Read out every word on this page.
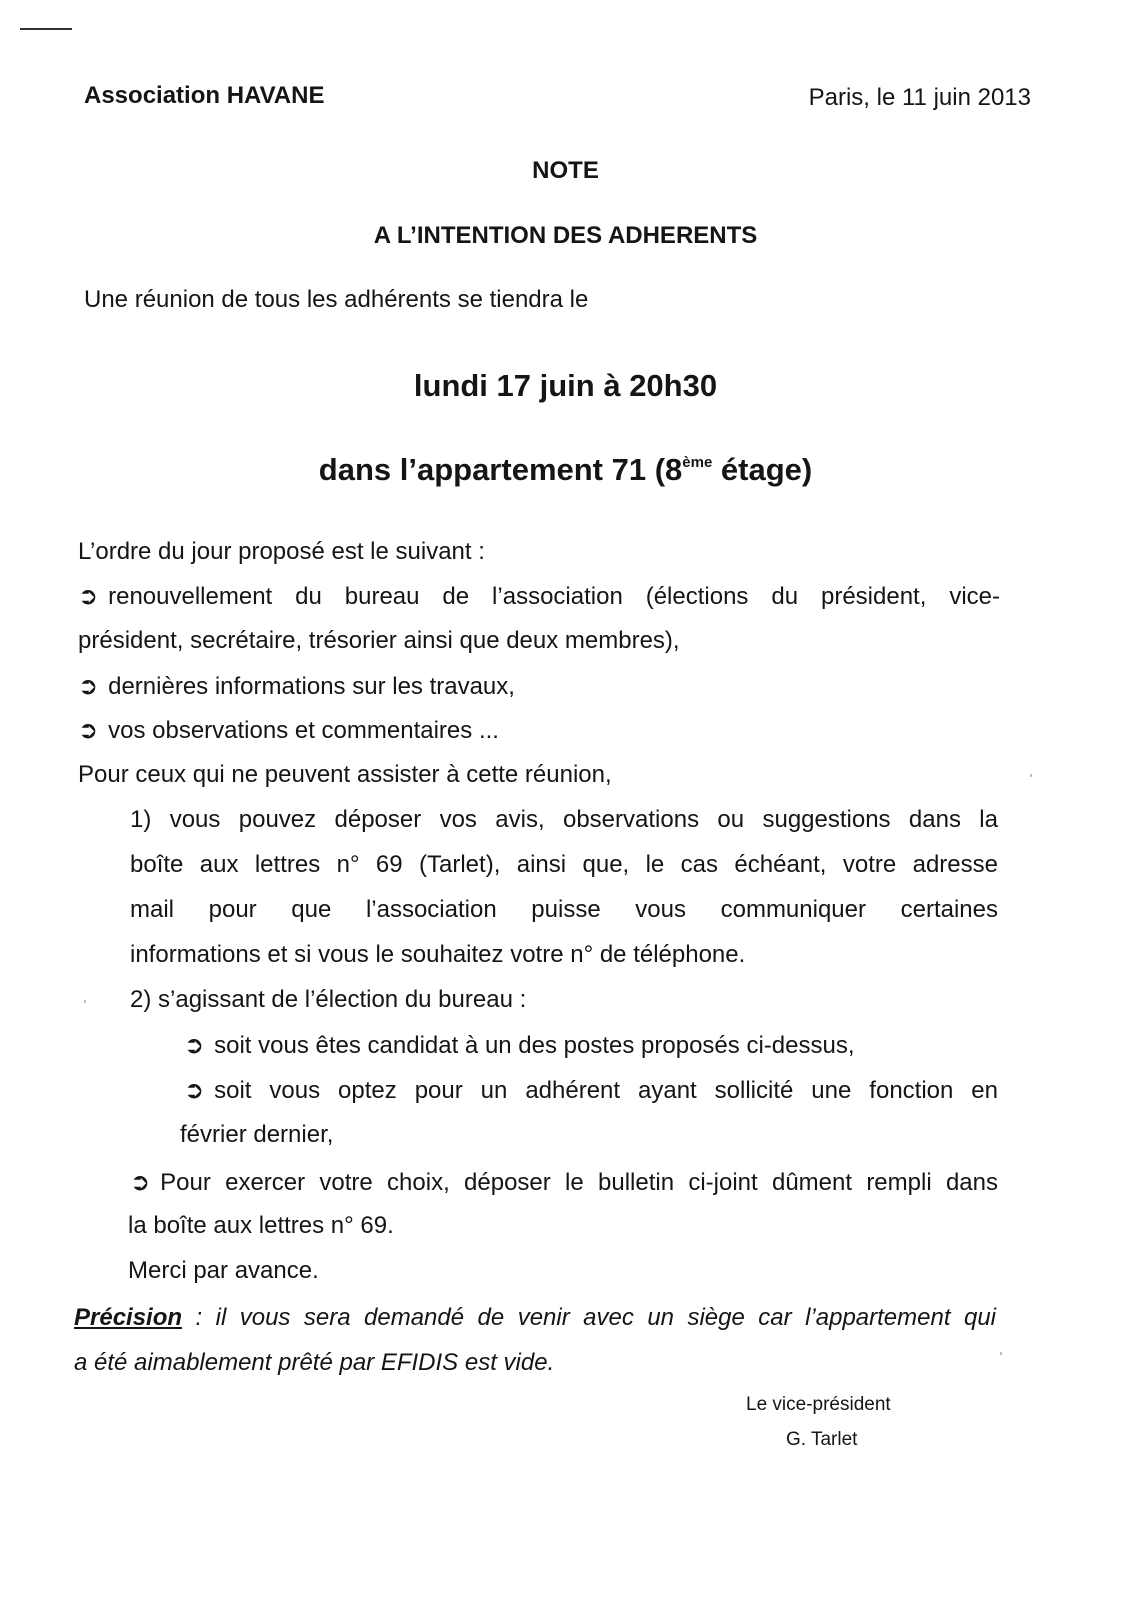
Association HAVANE	Paris, le 11 juin 2013
NOTE
A L’INTENTION DES ADHERENTS
Une réunion de tous les adhérents se tiendra le
lundi 17 juin à 20h30
dans l’appartement 71 (8ème étage)
L’ordre du jour proposé est le suivant :
➲ renouvellement du bureau de l’association (élections du président, vice-
président, secrétaire, trésorier ainsi que deux membres),
➲ dernières informations sur les travaux,
➲ vos observations et commentaires ...
Pour ceux qui ne peuvent assister à cette réunion,
1) vous pouvez déposer vos avis, observations ou suggestions dans la
boîte aux lettres n° 69 (Tarlet), ainsi que, le cas échéant, votre adresse
mail pour que l’association puisse vous communiquer certaines
informations et si vous le souhaitez votre n° de téléphone.
2) s’agissant de l’élection du bureau :
➲ soit vous êtes candidat à un des postes proposés ci-dessus,
➲ soit vous optez pour un adhérent ayant sollicité une fonction en
février dernier,
➲ Pour exercer votre choix, déposer le bulletin ci-joint dûment rempli dans
la boîte aux lettres n° 69.
Merci par avance.
Précision : il vous sera demandé de venir avec un siège car l’appartement qui
a été aimablement prêté par EFIDIS est vide.
Le vice-président
G. Tarlet
